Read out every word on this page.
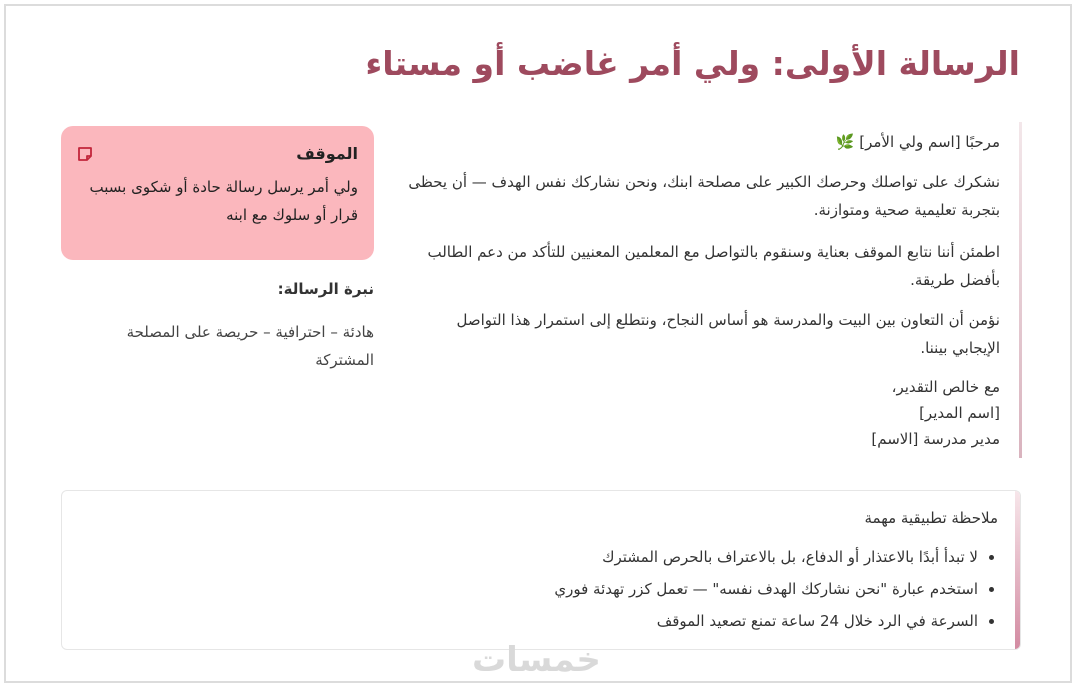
الرسالة الأولى: ولي أمر غاضب أو مستاء

مرحبًا [اسم ولي الأمر] 🌿

نشكرك على تواصلك وحرصك الكبير على مصلحة ابنك، ونحن نشاركك نفس الهدف — أن يحظى بتجربة تعليمية صحية ومتوازنة.

اطمئن أننا نتابع الموقف بعناية وسنقوم بالتواصل مع المعلمين المعنيين للتأكد من دعم الطالب بأفضل طريقة.

نؤمن أن التعاون بين البيت والمدرسة هو أساس النجاح، ونتطلع إلى استمرار هذا التواصل الإيجابي بيننا.

مع خالص التقدير،
[اسم المدير]
مدير مدرسة [الاسم]
الموقف
ولي أمر يرسل رسالة حادة أو شكوى بسبب قرار أو سلوك مع ابنه
نبرة الرسالة:
هادئة – احترافية – حريصة على المصلحة المشتركة
ملاحظة تطبيقية مهمة
• لا تبدأ أبدًا بالاعتذار أو الدفاع، بل بالاعتراف بالحرص المشترك
• استخدم عبارة "نحن نشاركك الهدف نفسه" — تعمل كزر تهدئة فوري
• السرعة في الرد خلال 24 ساعة تمنع تصعيد الموقف
خمسات
